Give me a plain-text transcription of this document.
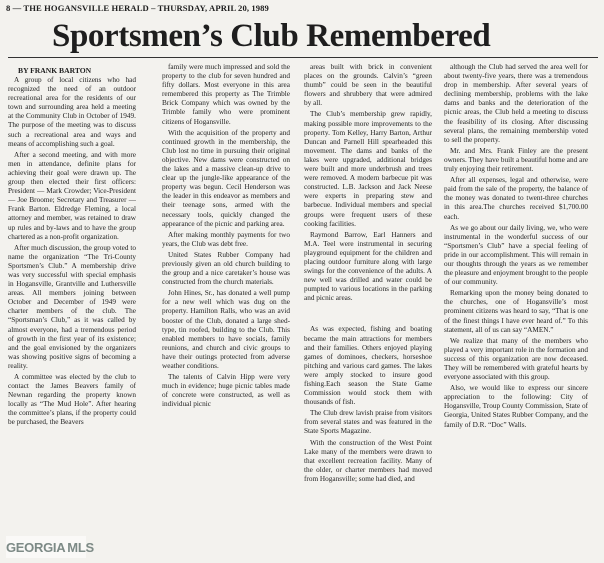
8 — THE HOGANSVILLE HERALD – THURSDAY, APRIL 20, 1989
Sportsmen’s Club Remembered
BY FRANK BARTON

A group of local citizens who had recognized the need of an outdoor recreational area for the residents of our town and surrounding area held a meeting at the Community Club in October of 1949. The purpose of the meeting was to discuss such a recreational area and ways and means of accomplishing such a goal.

After a second meeting, and with more men in attendance, definite plans for achieving their goal were drawn up. The group then elected their first officers: President — Mark Crowder; Vice-President — Joe Broome; Secretary and Treasurer — Frank Barton. Eldredge Fleming, a local attorney and member, was retained to draw up rules and by-laws and to have the group chartered as a non-profit organization.

After much discussion, the group voted to name the organization “The Tri-County Sportsmen’s Club.” A membership drive was very successful with special emphasis in Hogansville, Grantville and Luthersville areas. All members joining between October and December of 1949 were charter members of the club. The “Sportsman’s Club,” as it was called by almost everyone, had a tremendous period of growth in the first year of its existence; and the goal envisioned by the organizers was showing positive signs of becoming a reality.

A committee was elected by the club to contact the James Beavers family of Newnan regarding the property known locally as “The Mud Hole”. After hearing the committee’s plans, if the property could be purchased, the Beavers

family were much impressed and sold the property to the club for seven hundred and fifty dollars. Most everyone in this area remembered this property as The Trimble Brick Company which was owned by the Trimble family who were prominent citizens of Hogansville.

With the acquisition of the property and continued growth in the membership, the Club lost no time in pursuing their original objective. New dams were constructed on the lakes and a massive clean-up drive to clear up the jungle-like appearance of the property was begun. Cecil Henderson was the leader in this endeavor as members and their teenage sons, armed with the necessary tools, quickly changed the appearance of the picnic and parking area.

After making monthly payments for two years, the Club was debt free.

United States Rubber Company had previously given an old church building to the group and a nice caretaker’s house was constructed from the church materials.

John Hines, Sr., has donated a well pump for a new well which was dug on the property. Hamilton Ralls, who was an avid booster of the Club, donated a large shed-type, tin roofed, building to the Club. This enabled members to have socials, family reunions, and church and civic groups to have their outings protected from adverse weather conditions.

The talents of Calvin Hipp were very much in evidence; huge picnic tables made of concrete were constructed, as well as individual picnic

areas built with brick in convenient places on the grounds. Calvin’s “green thumb” could be seen in the beautiful flowers and shrubbery that were admired by all.

The Club’s membership grew rapidly, making possible more improvements to the property. Tom Kelley, Harry Barton, Arthur Duncan and Parnell Hill spearheaded this movement. The dams and banks of the lakes were upgraded, additional bridges were built and more underbrush and trees were removed. A modern barbecue pit was constructed. L.B. Jackson and Jack Neese were experts in preparing stew and barbecue. Individual members and special groups were frequent users of these cooking facilities.

Raymond Barrow, Earl Hanners and M.A. Teel were instrumental in securing playground equipment for the children and placing outdoor furniture along with large swings for the convenience of the adults. A new well was drilled and water could be pumpted to various locations in the parking and picnic areas.

As was expected, fishing and boating became the main attractions for members and their families. Others enjoyed playing games of dominoes, checkers, horseshoe pitching and various card games. The lakes were amply stocked to insure good fishing.Each season the State Game Commission would stock them with thousands of fish.

The Club drew lavish praise from visitors from several states and was featured in the State Sports Magazine.

With the construction of the West Point Lake many of the members were drawn to that excellent recreation facility. Many of the older, or charter members had moved from Hogansville; some had died, and

although the Club had served the area well for about twenty-five years, there was a tremendous drop in membership. After several years of declining membership, problems with the lake dams and banks and the deterioration of the picnic areas, the Club held a meeting to discuss the feasibility of its closing. After discussing several plans, the remaining membership voted to sell the property.

Mr. and Mrs. Frank Finley are the present owners. They have built a beautiful home and are truly enjoying their retirement.

After all expenses, legal and otherwise, were paid from the sale of the property, the balance of the money was donated to twent-three churches in this area.The churches received $1,700.00 each.

As we go about our daily living, we, who were instrumental in the wonderful success of our “Sportsmen’s Club” have a special feeling of pride in our accomplishment. This will remain in our thoughts through the years as we remember the pleasure and enjoyment brought to the people of our community.

Remarking upon the money being donated to the churches, one of Hogansville’s most prominent citizens was heard to say, “That is one of the finest things I have ever heard of.” To this statement, all of us can say “AMEN.”

We realize that many of the members who played a very important role in the formation and success of this organization are now deceased. They will be remembered with grateful hearts by everyone associated with this group.

Also, we would like to express our sincere appreciation to the following: City of Hogansville, Troup County Commission, State of Georgia, United States Rubber Company, and the family of D.R. “Doc” Walls.

GEORGIA MLS
